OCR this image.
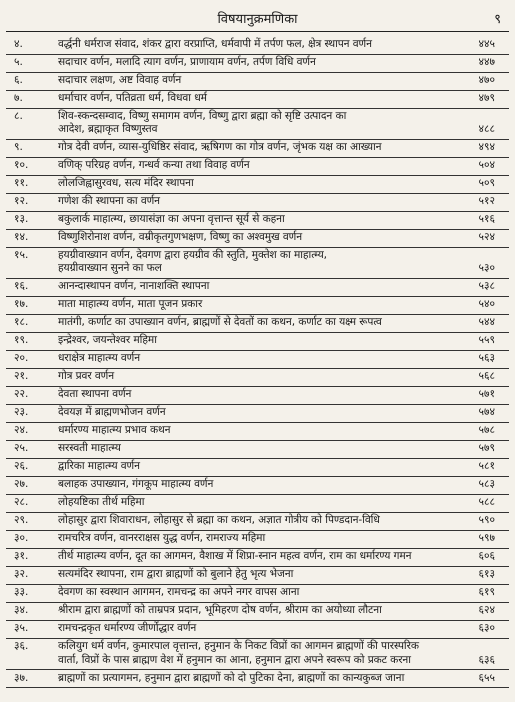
विषयानुक्रमणिका	९
४.	वर्द्धनी धर्मराज संवाद, शंकर द्वारा वरप्राप्ति, धर्मवापी में तर्पण फल, क्षेत्र स्थापन वर्णन	४४५
५.	सदाचार वर्णन, मलादि त्याग वर्णन, प्राणायाम वर्णन, तर्पण विधि वर्णन	४४७
६.	सदाचार लक्षण, अष्ट विवाह वर्णन	४७०
७.	धर्माचार वर्णन, पतिव्रता धर्म, विधवा धर्म	४७९
८.	शिव-स्कन्दसम्वाद, विष्णु समागम वर्णन, विष्णु द्वारा ब्रह्मा को सृष्टि उत्पादन का
आदेश, ब्रह्माकृत विष्णुस्तव	४८८
९.	गोत्र देवी वर्णन, व्यास-युधिष्ठिर संवाद, ऋषिगण का गोत्र वर्णन, जृंभक यक्ष का आख्यान	४९४
१०.	वणिक् परिग्रह वर्णन, गन्धर्व कन्या तथा विवाह वर्णन	५०४
११.	लोलजिह्वासुरवध, सत्य मंदिर स्थापना	५०९
१२.	गणेश की स्थापना का वर्णन	५१२
१३.	बकुलार्क माहात्म्य, छायासंज्ञा का अपना वृत्तान्त सूर्य से कहना	५१६
१४.	विष्णुशिरोनाश वर्णन, वम्रीकृतगुणभक्षण, विष्णु का अश्वमुख वर्णन	५२४
१५.	हयग्रीवाख्यान वर्णन, देवगण द्वारा हयग्रीव की स्तुति, मुक्तेश का माहात्म्य,
हयग्रीवाख्यान सुनने का फल	५३०
१६.	आनन्दास्थापन वर्णन, नानाशक्ति स्थापना	५३८
१७.	माता माहात्म्य वर्णन, माता पूजन प्रकार	५४०
१८.	मातंगी, कर्णाट का उपाख्यान वर्णन, ब्राह्मणों से देवतों का कथन, कर्णाट का यक्ष्म रूपत्व	५४४
१९.	इन्द्रेश्वर, जयन्तेश्वर महिमा	५५९
२०.	धराक्षेत्र माहात्म्य वर्णन	५६३
२१.	गोत्र प्रवर वर्णन	५६८
२२.	देवता स्थापना वर्णन	५७१
२३.	देवयज्ञ में ब्राह्मणभोजन वर्णन	५७४
२४.	धर्मारण्य माहात्म्य प्रभाव कथन	५७८
२५.	सरस्वती माहात्म्य	५७९
२६.	द्वारिका माहात्म्य वर्णन	५८१
२७.	बलाहक उपाख्यान, गंगकूप माहात्म्य वर्णन	५८३
२८.	लोहयष्टिका तीर्थ महिमा	५८८
२९.	लोहासुर द्वारा शिवाराधन, लोहासुर से ब्रह्मा का कथन, अज्ञात गोत्रीय को पिण्डदान-विधि	५९०
३०.	रामचरित्र वर्णन, वानरराक्षस युद्ध वर्णन, रामराज्य महिमा	५९७
३१.	तीर्थ माहात्म्य वर्णन, दूत का आगमन, वैशाख में शिप्रा-स्नान महत्व वर्णन, राम का धर्मारण्य गमन	६०६
३२.	सत्यमंदिर स्थापना, राम द्वारा ब्राह्मणों को बुलाने हेतु भृत्य भेजना	६१३
३३.	देवगण का स्वस्थान आगमन, रामचन्द्र का अपने नगर वापस आना	६१९
३४.	श्रीराम द्वारा ब्राह्मणों को ताम्रपत्र प्रदान, भूमिहरण दोष वर्णन, श्रीराम का अयोध्या लौटना	६२४
३५.	रामचन्द्रकृत धर्मारण्य जीर्णोद्धार वर्णन	६३०
३६.	कलियुग धर्म वर्णन, कुमारपाल वृत्तान्त, हनुमान के निकट विप्रों का आगमन ब्राह्मणों की पारस्परिक
वार्ता, विप्रों के पास ब्राह्मण वेश में हनुमान का आना, हनुमान द्वारा अपने स्वरूप को प्रकट करना	६३६
३७.	ब्राह्मणों का प्रत्यागमन, हनुमान द्वारा ब्राह्मणों को दो पुटिका देना, ब्राह्मणों का कान्यकुब्ज जाना	६५५
